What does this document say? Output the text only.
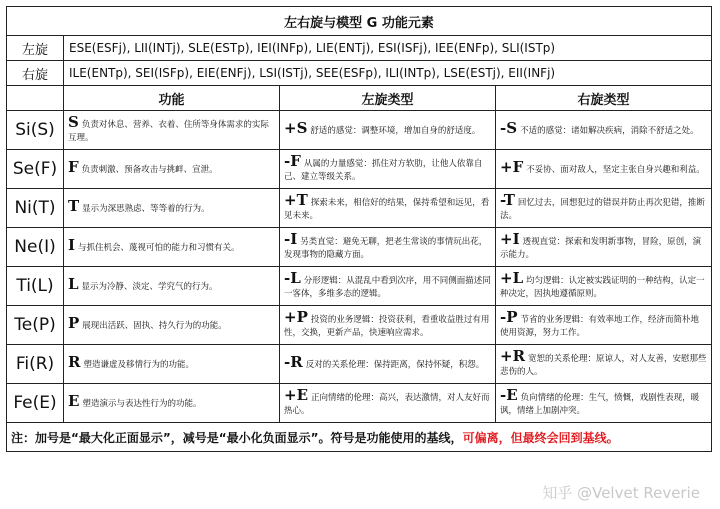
左右旋与模型 G 功能元素			
左旋	ESE(ESFj), LII(INTj), SLE(ESTp), IEI(INFp), LIE(ENTj), ESI(ISFj), IEE(ENFp), SLI(ISTp)		
右旋	ILE(ENTp), SEI(ISFp), EIE(ENFj), LSI(ISTj), SEE(ESFp), ILI(INTp), LSE(ESTj), EII(INFj)		
	功能	左旋类型	右旋类型
Si(S)	S 负责对休息、营养、衣着、住所等身体需求的实际互理。	+S 舒适的感觉：调整环境，增加自身的舒适度。	-S 不适的感觉：诸如解决疾病，消除不舒适之处。
Se(F)	F 负责刺激、预备攻击与挑衅、宣泄。	-F 从属的力量感觉：抓住对方软肋，让他人依靠自己、建立等级关系。	+F 不妥协、面对敌人，坚定主张自身兴趣和利益。
Ni(T)	T 显示为深思熟虑、等等着的行为。	+T 探索未来，相信好的结果，保持希望和远见，看见未来。	-T 回忆过去，回想犯过的错误并防止再次犯错，推断法。
Ne(I)	I 与抓住机会、蔑视可怕的能力和习惯有关。	-I 另类直觉：避免无聊，把老生常谈的事情玩出花，发现事物的隐藏方面。	+I 透视直觉：探索和发明新事物，冒险，原创，演示能力。
Ti(L)	L 显示为冷静、淡定、学究气的行为。	-L 分形逻辑：从混乱中看到次序，用不同侧面描述同一客体，多维多态的逻辑。	+L 均匀逻辑：认定被实践证明的一种结构，认定一种决定，因执地遵循原则。
Te(P)	P 展现出活跃、固执、持久行为的功能。	+P 投资的业务逻辑：投资获利，看重收益胜过有用性，交换，更新产品，快速响应需求。	-P 节省的业务逻辑：有效率地工作，经济而简朴地使用资源，努力工作。
Fi(R)	R 塑造谦虚及移情行为的功能。	-R 反对的关系伦理：保持距离，保持怀疑，积怨。	+R 宽恕的关系伦理：原谅人，对人友善，安慰那些悲伤的人。
Fe(E)	E 塑造演示与表达性行为的功能。	+E 正向情绪的伦理：高兴，表达激情，对人友好而热心。	-E 负向情绪的伦理：生气，愤慨，戏剧性表现，暖讽，情绪上加剧冲突。
注：加号是“最大化正面显示”，减号是“最小化负面显示”。符号是功能使用的基线，可偏离，但最终会回到基线。			
知乎 @Velvet Reverie
